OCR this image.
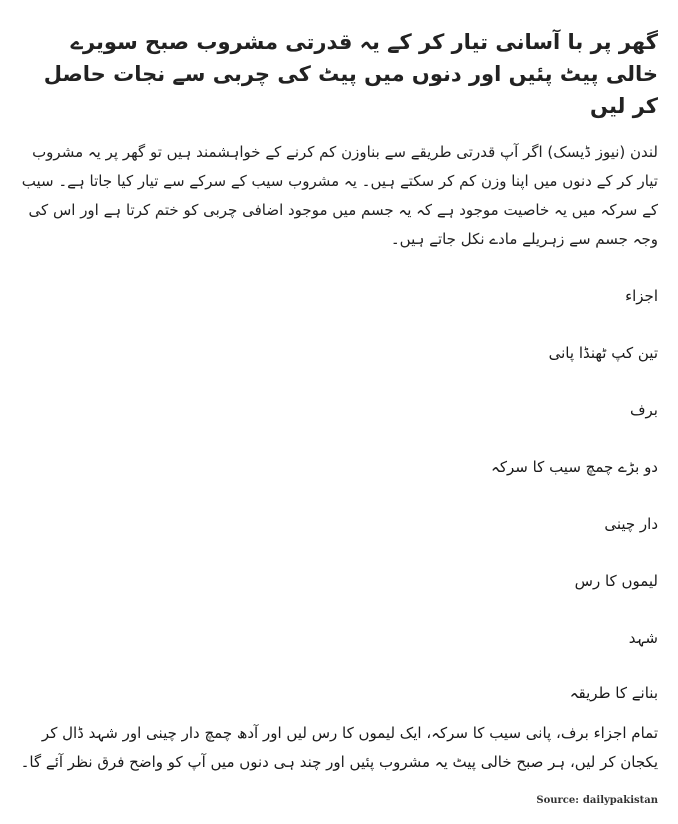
گھر پر با آسانی تیار کر کے یہ قدرتی مشروب صبح سویرے خالی پیٹ پئیں اور دنوں میں پیٹ کی چربی سے نجات حاصل کر لیں

لندن (نیوز ڈیسک) اگر آپ قدرتی طریقے سے بناوزن کم کرنے کے خواہشمند ہیں تو گھر پر یہ مشروب تیار کر کے دنوں میں اپنا وزن کم کر سکتے ہیں۔ یہ مشروب سیب کے سرکے سے تیار کیا جاتا ہے۔ سیب کے سرکہ میں یہ خاصیت موجود ہے کہ یہ جسم میں موجود اضافی چربی کو ختم کرتا ہے اور اس کی وجہ جسم سے زہریلے مادے نکل جاتے ہیں۔

اجزاء
تین کپ ٹھنڈا پانی
برف
دو بڑے چمچ سیب کا سرکہ
دار چینی
لیموں کا رس
شہد
بنانے کا طریقہ

تمام اجزاء برف، پانی سیب کا سرکہ، ایک لیموں کا رس لیں اور آدھ چمچ دار چینی اور شہد ڈال کر یکجان کر لیں، ہر صبح خالی پیٹ یہ مشروب پئیں اور چند ہی دنوں میں آپ کو واضح فرق نظر آئے گا۔

Source: dailypakistan
